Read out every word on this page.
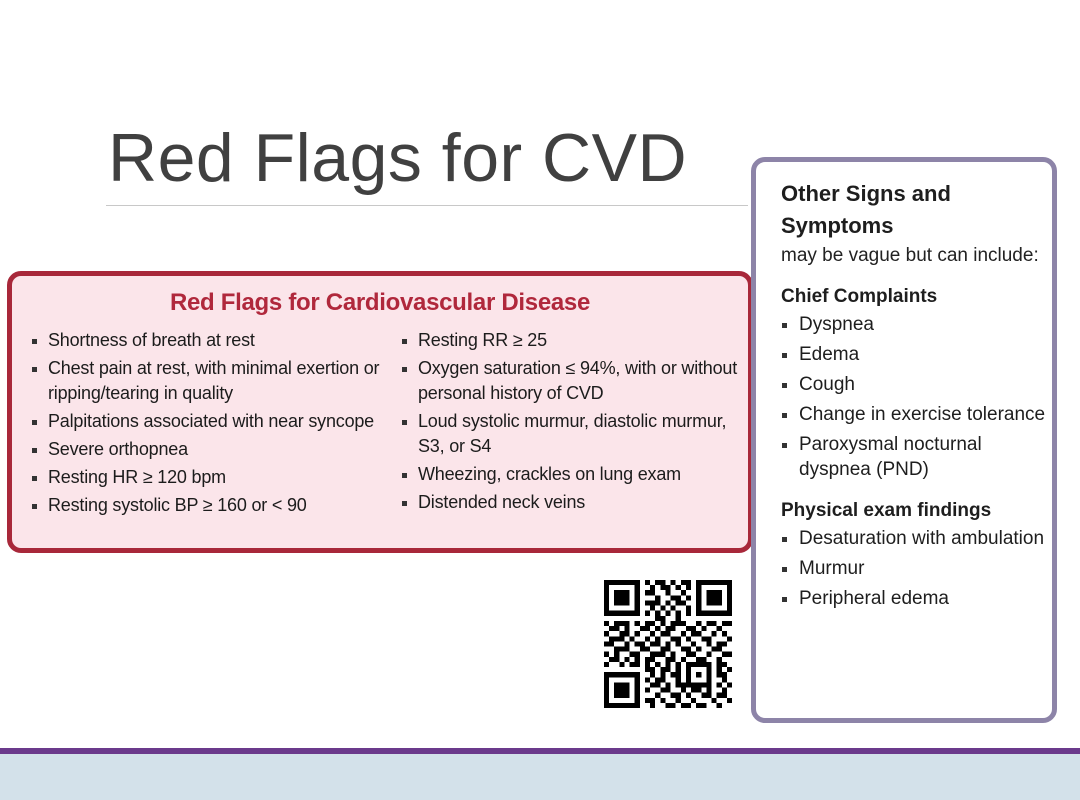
Red Flags for CVD
Red Flags for Cardiovascular Disease
Shortness of breath at rest
Chest pain at rest, with minimal exertion or ripping/tearing in quality
Palpitations associated with near syncope
Severe orthopnea
Resting HR ≥ 120 bpm
Resting systolic BP ≥ 160 or < 90
Resting RR ≥ 25
Oxygen saturation ≤ 94%, with or without personal history of CVD
Loud systolic murmur, diastolic murmur, S3, or S4
Wheezing, crackles on lung exam
Distended neck veins

Other Signs and Symptoms

may be vague but can include:

Chief Complaints

Dyspnea
Edema
Cough
Change in exercise tolerance
Paroxysmal nocturnal dyspnea (PND)

Physical exam findings

Desaturation with ambulation
Murmur
Peripheral edema
